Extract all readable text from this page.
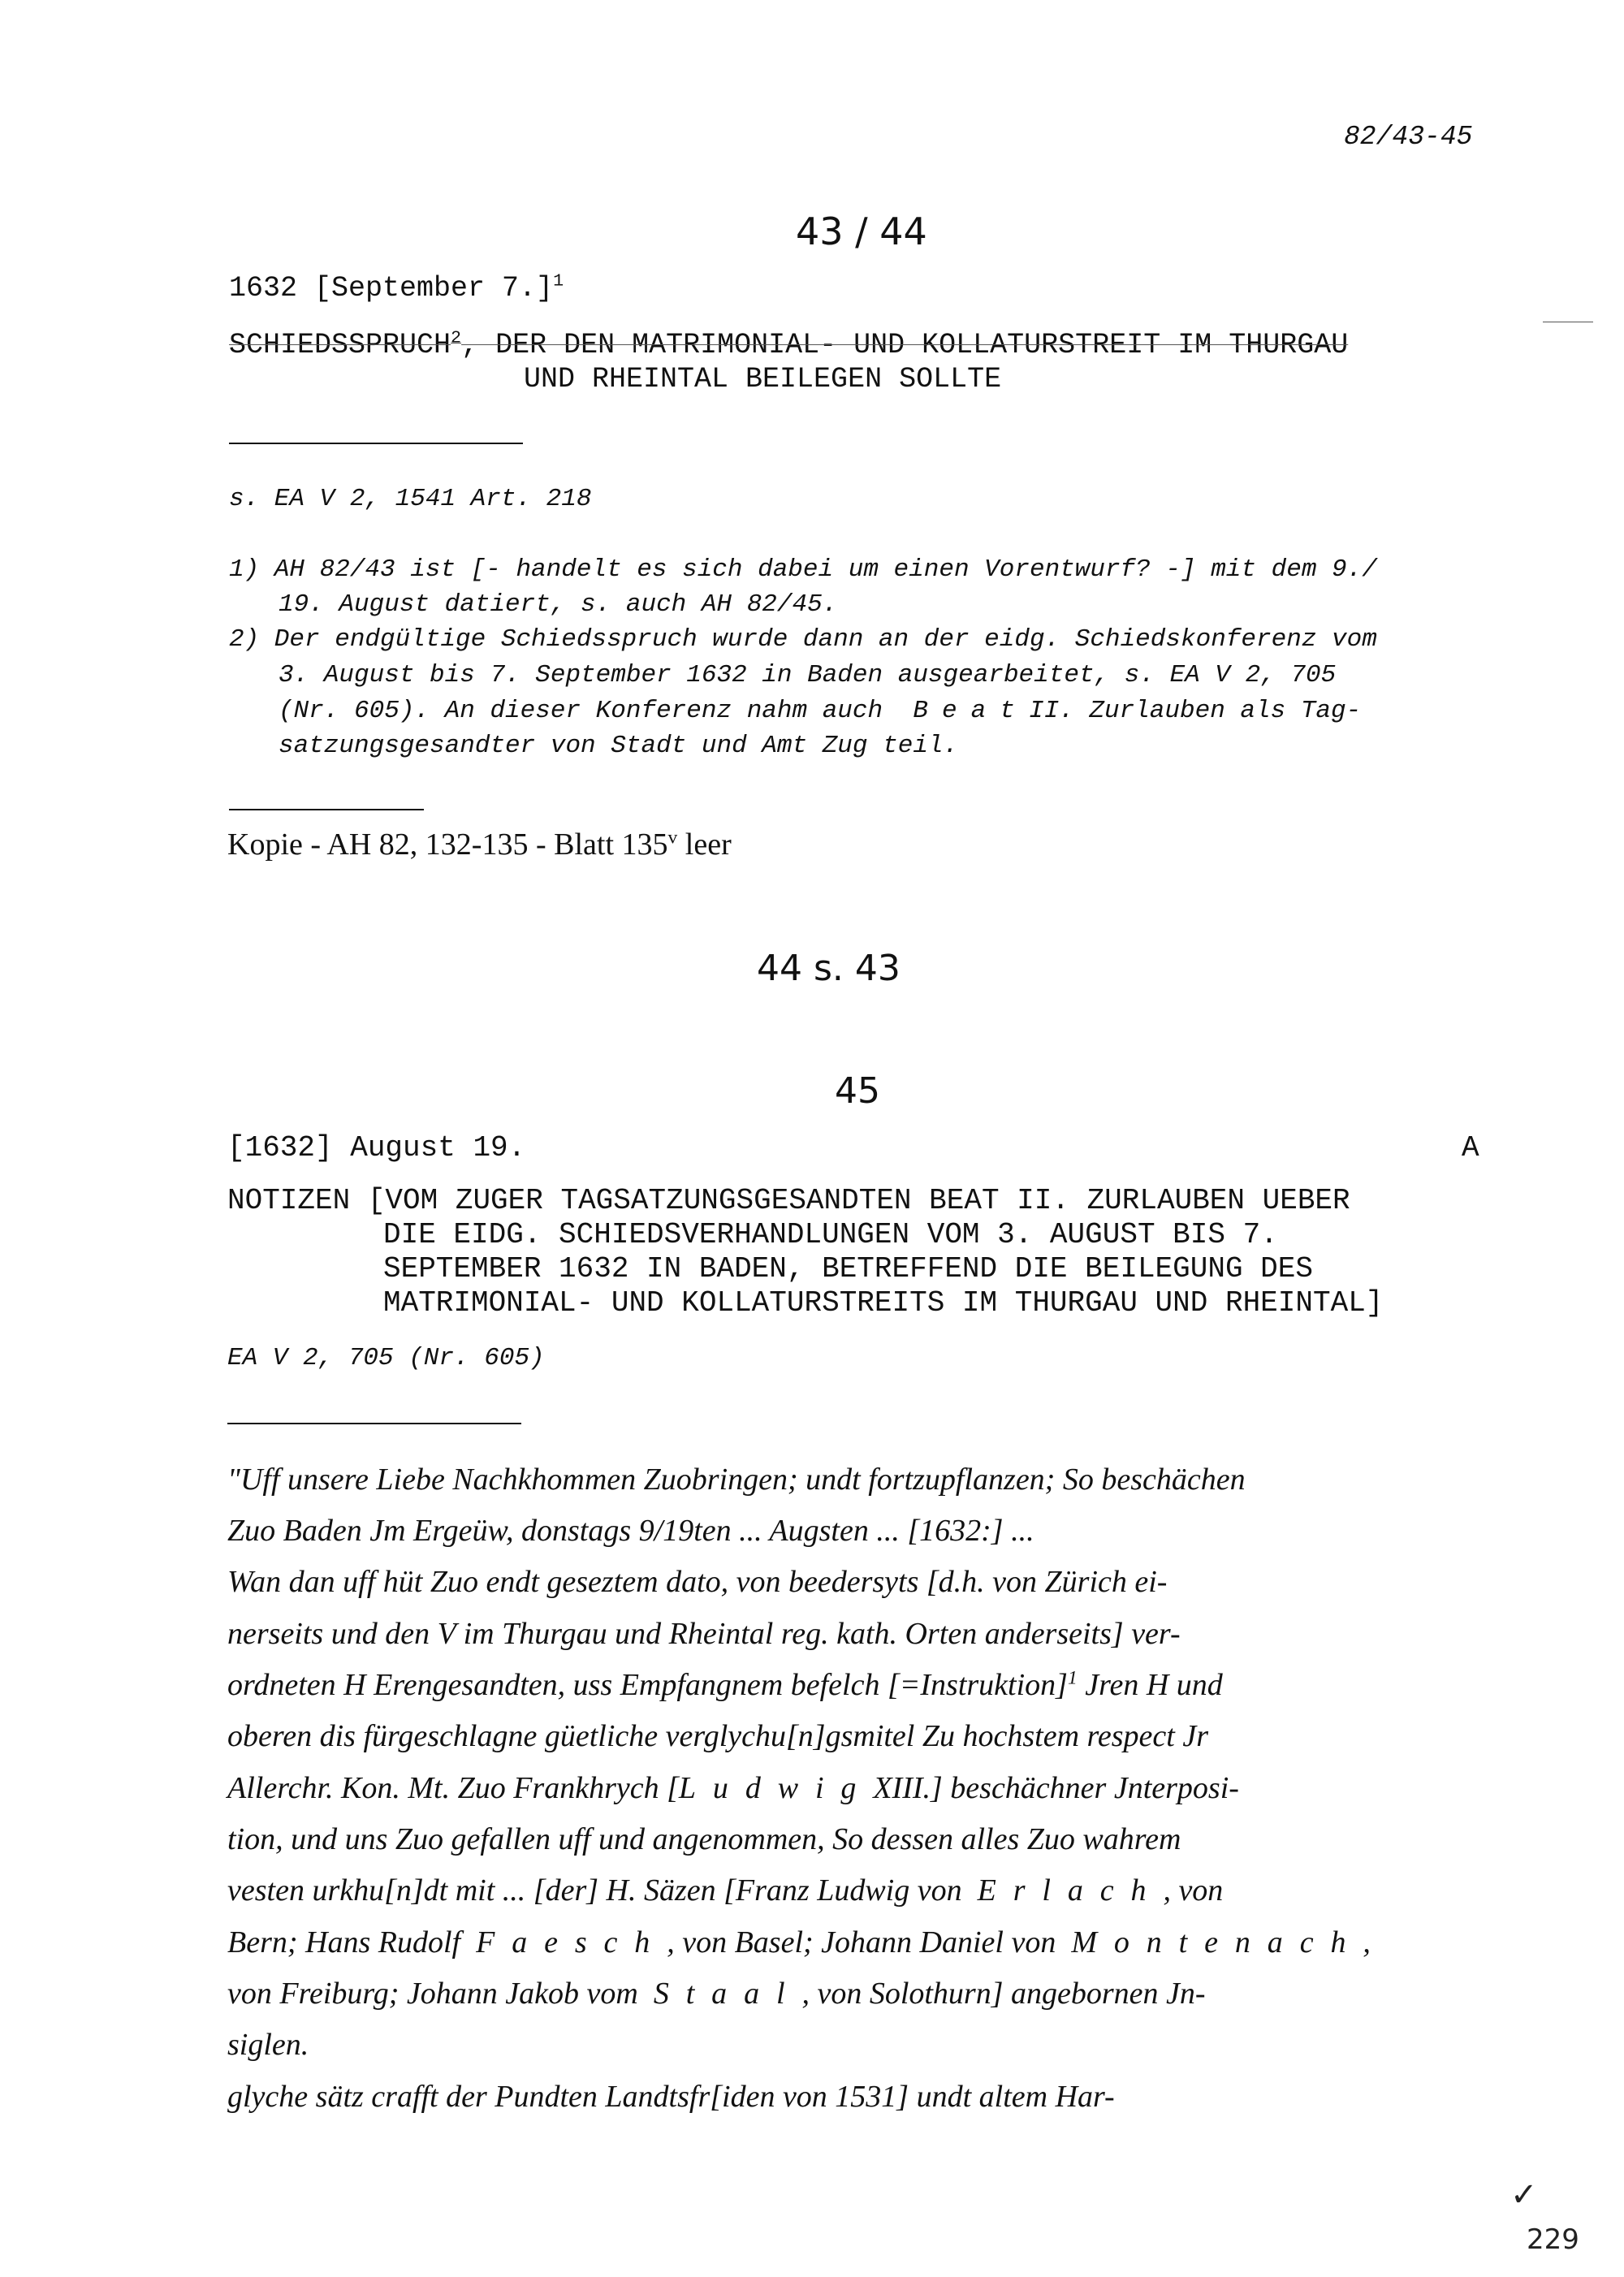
82/43-45
43 / 44
1632 [September 7.]$^1$
SCHIEDSSPRUCH$^2$, DER DEN MATRIMONIAL- UND KOLLATURSTREIT IM THURGAU
UND RHEINTAL BEILEGEN SOLLTE
s. EA V 2, 1541 Art. 218
1) AH 82/43 ist [- handelt es sich dabei um einen Vorentwurf? -] mit dem 9./
19. August datiert, s. auch AH 82/45.
2) Der endgültige Schiedsspruch wurde dann an der eidg. Schiedskonferenz vom
3. August bis 7. September 1632 in Baden ausgearbeitet, s. EA V 2, 705
(Nr. 605). An dieser Konferenz nahm auch BeatII. Zurlauben als Tag-
satzungsgesandter von Stadt und Amt Zug teil.
Kopie - AH 82, 132-135 - Blatt 135$^v$ leer
44 s. 43
45
[1632] August 19.	A
NOTIZEN [VOM ZUGER TAGSATZUNGSGESANDTEN BEAT II. ZURLAUBEN UEBER
DIE EIDG. SCHIEDSVERHANDLUNGEN VOM 3. AUGUST BIS 7.
SEPTEMBER 1632 IN BADEN, BETREFFEND DIE BEILEGUNG DES
MATRIMONIAL- UND KOLLATURSTREITS IM THURGAU UND RHEINTAL]
EA V 2, 705 (Nr. 605)
"Uff unsere Liebe Nachkhommen Zuobringen; undt fortzupflanzen; So beschächen
Zuo Baden Jm Ergeüw, donstags 9/19ten ... Augsten ... [1632:] ...
Wan dan uff hüt Zuo endt geseztem dato, von beedersyts [d.h. von Zürich ei-
nerseits und den V im Thurgau und Rheintal reg. kath. Orten anderseits] ver-
ordneten H Erengesandten, uss Empfangnem befelch [=Instruktion]$^1$ Jren H und
oberen dis fürgeschlagne güetliche verglychu[n]gsmitel Zu hochstem respect Jr
Allerchr. Kon. Mt. Zuo Frankhrych [LudwigXIII.] beschächner Jnterposi-
tion, und uns Zuo gefallen uff und angenommen, So dessen alles Zuo wahrem
vesten urkhu[n]dt mit ... [der] H. Säzen [Franz Ludwig von Erlach, von
Bern; Hans Rudolf Faesch, von Basel; Johann Daniel von Montenach,
von Freiburg; Johann Jakob vom Staal, von Solothurn] angebornen Jn-
siglen.
glyche sätz crafft der Pundten Landtsfr[iden von 1531] undt altem Har-
✓
229
